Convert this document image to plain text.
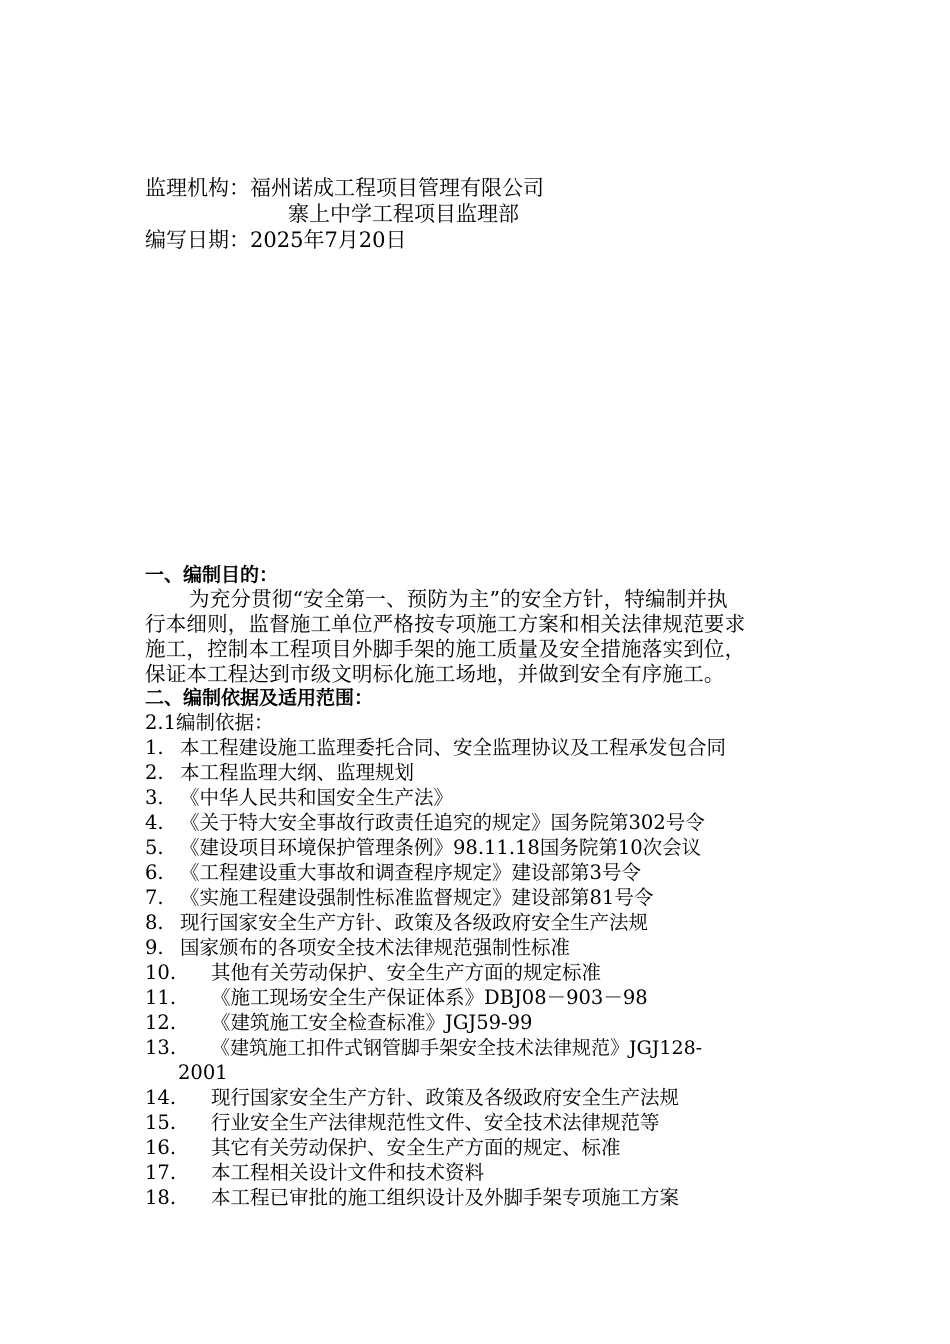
监理机构：福州诺成工程项目管理有限公司
寨上中学工程项目监理部
编写日期：2025年7月20日
一、编制目的：
为充分贯彻“安全第一、预防为主”的安全方针，特编制并执
行本细则，监督施工单位严格按专项施工方案和相关法律规范要求
施工，控制本工程项目外脚手架的施工质量及安全措施落实到位，
保证本工程达到市级文明标化施工场地，并做到安全有序施工。
二、编制依据及适用范围：
2.1编制依据：
1. 本工程建设施工监理委托合同、安全监理协议及工程承发包合同
2. 本工程监理大纲、监理规划
3. 《中华人民共和国安全生产法》
4. 《关于特大安全事故行政责任追究的规定》国务院第302号令
5. 《建设项目环境保护管理条例》98.11.18国务院第10次会议
6. 《工程建设重大事故和调查程序规定》建设部第3号令
7. 《实施工程建设强制性标准监督规定》建设部第81号令
8. 现行国家安全生产方针、政策及各级政府安全生产法规
9. 国家颁布的各项安全技术法律规范强制性标准
10. 其他有关劳动保护、安全生产方面的规定标准
11. 《施工现场安全生产保证体系》DBJ08－903－98
12. 《建筑施工安全检查标准》JGJ59-99
13. 《建筑施工扣件式钢管脚手架安全技术法律规范》JGJ128-
2001
14. 现行国家安全生产方针、政策及各级政府安全生产法规
15. 行业安全生产法律规范性文件、安全技术法律规范等
16. 其它有关劳动保护、安全生产方面的规定、标准
17. 本工程相关设计文件和技术资料
18. 本工程已审批的施工组织设计及外脚手架专项施工方案
